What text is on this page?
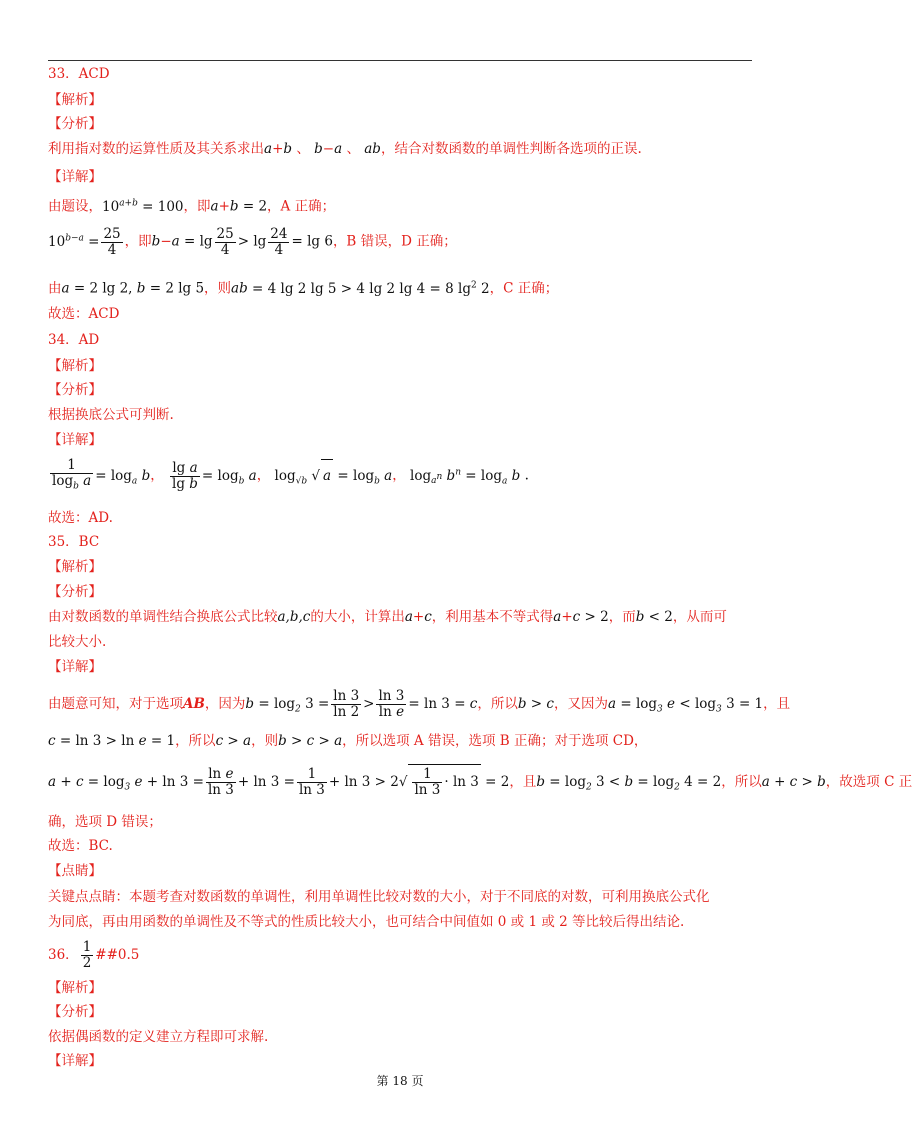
33．ACD
【解析】
【分析】
利用指对数的运算性质及其关系求出a+b 、 b−a 、 ab，结合对数函数的单调性判断各选项的正误.
【详解】
由题设，$10^{a+b} = 100$，即a+b = 2，A 正确；
$10^{b-a} = \frac{25}{4}$ ，即$b-a = \lg \frac{25}{4} > \lg \frac{24}{4} = \lg 6$，B 错误，D 正确；
由a = 2 lg 2, b = 2 lg 5，则ab = 4 lg 2 lg 5 > 4 lg 2 lg 4 = 8 $\lg^2 2$，C 正确；
故选：ACD
34．AD
【解析】
【分析】
根据换底公式可判断.
【详解】
$\frac{1}{\log_b a} = \log_a b$， $\frac{\text{lg a}}{\text{lg b}} = \log_b a$， $\log_{√b}$ √ $a = \log_b a$， $\log_{a^n} b^n = \log_a b$ .
故选：AD.
35．BC
【解析】
【分析】
由对数函数的单调性结合换底公式比较a,b,c的大小，计算出a+c，利用基本不等式得a+c > 2，而b < 2，从而可
比较大小.
【详解】
由题意可知，对于选项AB，因为$b = \log_2 3 = \frac{\ln 3}{\ln 2} > \frac{\ln 3}{\text{ln e}} = \ln 3 = c$，所以b > c，又因为$a = \log_3 e < \log_3 3 = 1$，且
c = ln 3 > ln e = 1，所以c > a，则b > c > a，所以选项 A 错误，选项 B 正确；对于选项 CD，
$a + c = \log_3 e + \ln 3 = \frac{\text{ln e}}{\ln 3} + \ln 3 = \frac{1}{\ln 3} + \ln 3 > 2√ \frac{1}{\ln 3} \cdot \ln 3 = 2$，且$b = \log_2 3 < b = \log_2 4 = 2$，所以a + c > b，故选项 C 正
确，选项 D 错误；
故选：BC.
【点睛】
关键点点睛：本题考查对数函数的单调性，利用单调性比较对数的大小，对于不同底的对数，可利用换底公式化
为同底，再由用函数的单调性及不等式的性质比较大小，也可结合中间值如 0 或 1 或 2 等比较后得出结论.
36． $\frac{1}{2}$ ##0.5
【解析】
【分析】
依据偶函数的定义建立方程即可求解.
【详解】
第 18 页
